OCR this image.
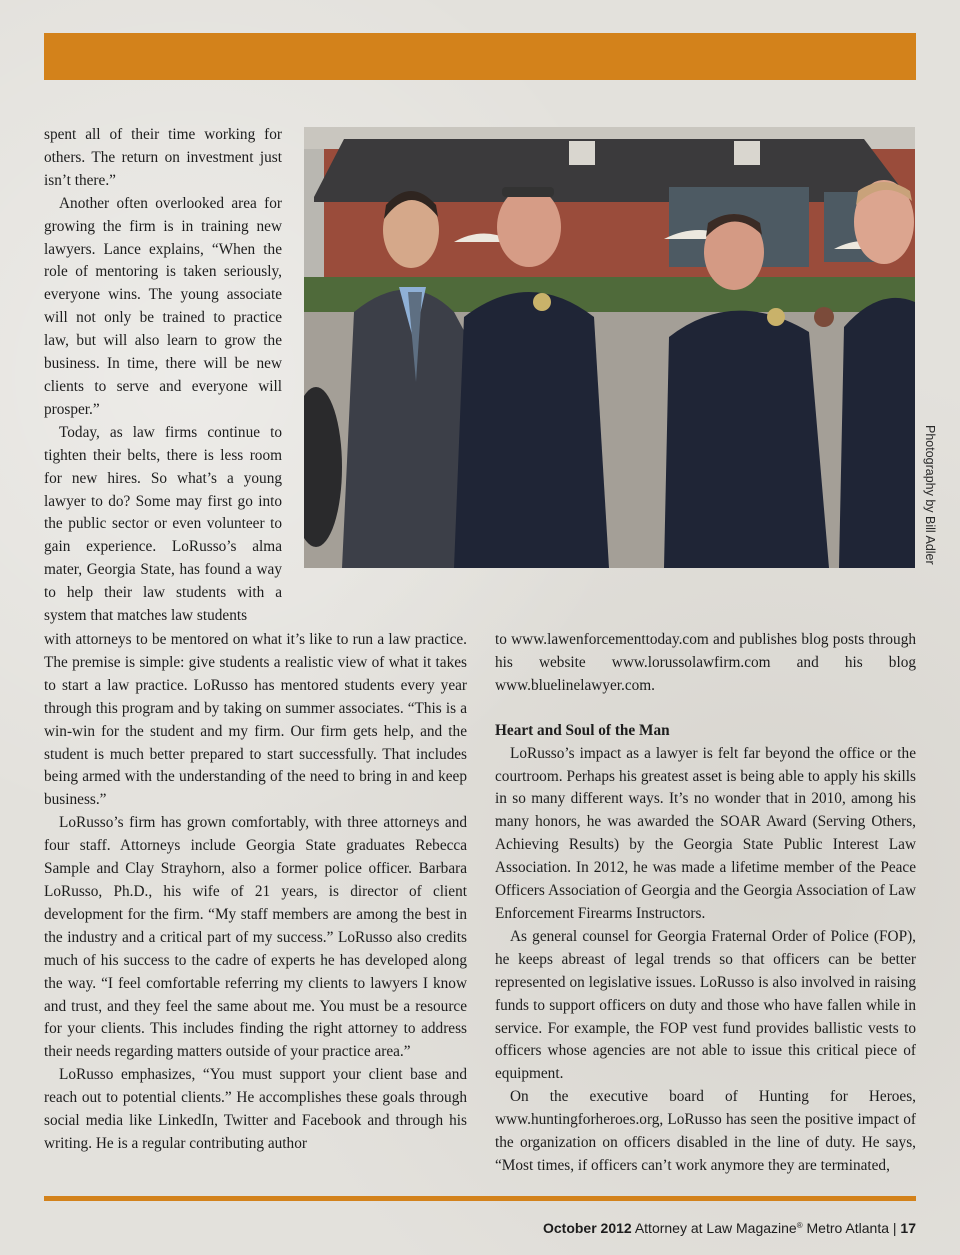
Photography by Bill Adler

spent all of their time working for others. The return on investment just isn’t there.”

Another often overlooked area for growing the firm is in training new lawyers. Lance explains, “When the role of mentoring is taken seriously, everyone wins. The young associate will not only be trained to practice law, but will also learn to grow the business. In time, there will be new clients to serve and everyone will prosper.”

Today, as law firms continue to tighten their belts, there is less room for new hires. So what’s a young lawyer to do? Some may first go into the public sector or even volunteer to gain experience. LoRusso’s alma mater, Georgia State, has found a way to help their law students with a system that matches law students

with attorneys to be mentored on what it’s like to run a law practice. The premise is simple: give students a realistic view of what it takes to start a law practice. LoRusso has mentored students every year through this program and by taking on summer associates. “This is a win-win for the student and my firm. Our firm gets help, and the student is much better prepared to start successfully. That includes being armed with the understanding of the need to bring in and keep business.”

LoRusso’s firm has grown comfortably, with three attorneys and four staff. Attorneys include Georgia State graduates Rebecca Sample and Clay Strayhorn, also a former police officer. Barbara LoRusso, Ph.D., his wife of 21 years, is director of client development for the firm. “My staff members are among the best in the industry and a critical part of my success.” LoRusso also credits much of his success to the cadre of experts he has developed along the way. “I feel comfortable referring my clients to lawyers I know and trust, and they feel the same about me. You must be a resource for your clients. This includes finding the right attorney to address their needs regarding matters outside of your practice area.”

LoRusso emphasizes, “You must support your client base and reach out to potential clients.” He accomplishes these goals through social media like LinkedIn, Twitter and Facebook and through his writing. He is a regular contributing author

to www.lawenforcementtoday.com and publishes blog posts through his website www.lorussolawfirm.com and his blog www.bluelinelawyer.com.

Heart and Soul of the Man

LoRusso’s impact as a lawyer is felt far beyond the office or the courtroom. Perhaps his greatest asset is being able to apply his skills in so many different ways. It’s no wonder that in 2010, among his many honors, he was awarded the SOAR Award (Serving Others, Achieving Results) by the Georgia State Public Interest Law Association. In 2012, he was made a lifetime member of the Peace Officers Association of Georgia and the Georgia Association of Law Enforcement Firearms Instructors.

As general counsel for Georgia Fraternal Order of Police (FOP), he keeps abreast of legal trends so that officers can be better represented on legislative issues. LoRusso is also involved in raising funds to support officers on duty and those who have fallen while in service. For example, the FOP vest fund provides ballistic vests to officers whose agencies are not able to issue this critical piece of equipment.

On the executive board of Hunting for Heroes, www.huntingforheroes.org, LoRusso has seen the positive impact of the organization on officers disabled in the line of duty. He says, “Most times, if officers can’t work anymore they are terminated,

October 2012 Attorney at Law Magazine® Metro Atlanta | 17
